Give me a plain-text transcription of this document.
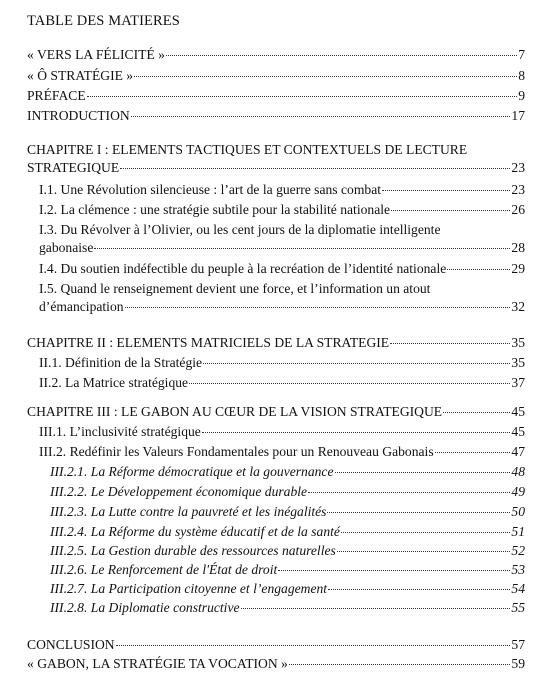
TABLE DES MATIERES
« VERS LA FÉLICITÉ »	7
« Ô STRATÉGIE »	8
PRÉFACE	9
INTRODUCTION	17
CHAPITRE I : ELEMENTS TACTIQUES ET CONTEXTUELS DE LECTURE
STRATEGIQUE	23
I.1. Une Révolution silencieuse : l’art de la guerre sans combat	23
I.2. La clémence : une stratégie subtile pour la stabilité nationale	26
I.3. Du Révolver à l’Olivier, ou les cent jours de la diplomatie intelligente
gabonaise	28
I.4. Du soutien indéfectible du peuple à la recréation de l’identité nationale	29
I.5. Quand le renseignement devient une force, et l’information un atout
d’émancipation	32
CHAPITRE II : ELEMENTS MATRICIELS DE LA STRATEGIE	35
II.1. Définition de la Stratégie	35
II.2. La Matrice stratégique	37
CHAPITRE III : LE GABON AU CŒUR DE LA VISION STRATEGIQUE	45
III.1. L’inclusivité stratégique	45
III.2. Redéfinir les Valeurs Fondamentales pour un Renouveau Gabonais	47
III.2.1. La Réforme démocratique et la gouvernance	48
III.2.2. Le Développement économique durable	49
III.2.3. La Lutte contre la pauvreté et les inégalités	50
III.2.4. La Réforme du système éducatif et de la santé	51
III.2.5. La Gestion durable des ressources naturelles	52
III.2.6. Le Renforcement de l'État de droit	53
III.2.7. La Participation citoyenne et l’engagement	54
III.2.8. La Diplomatie constructive	55
CONCLUSION	57
« GABON, LA STRATÉGIE TA VOCATION »	59
